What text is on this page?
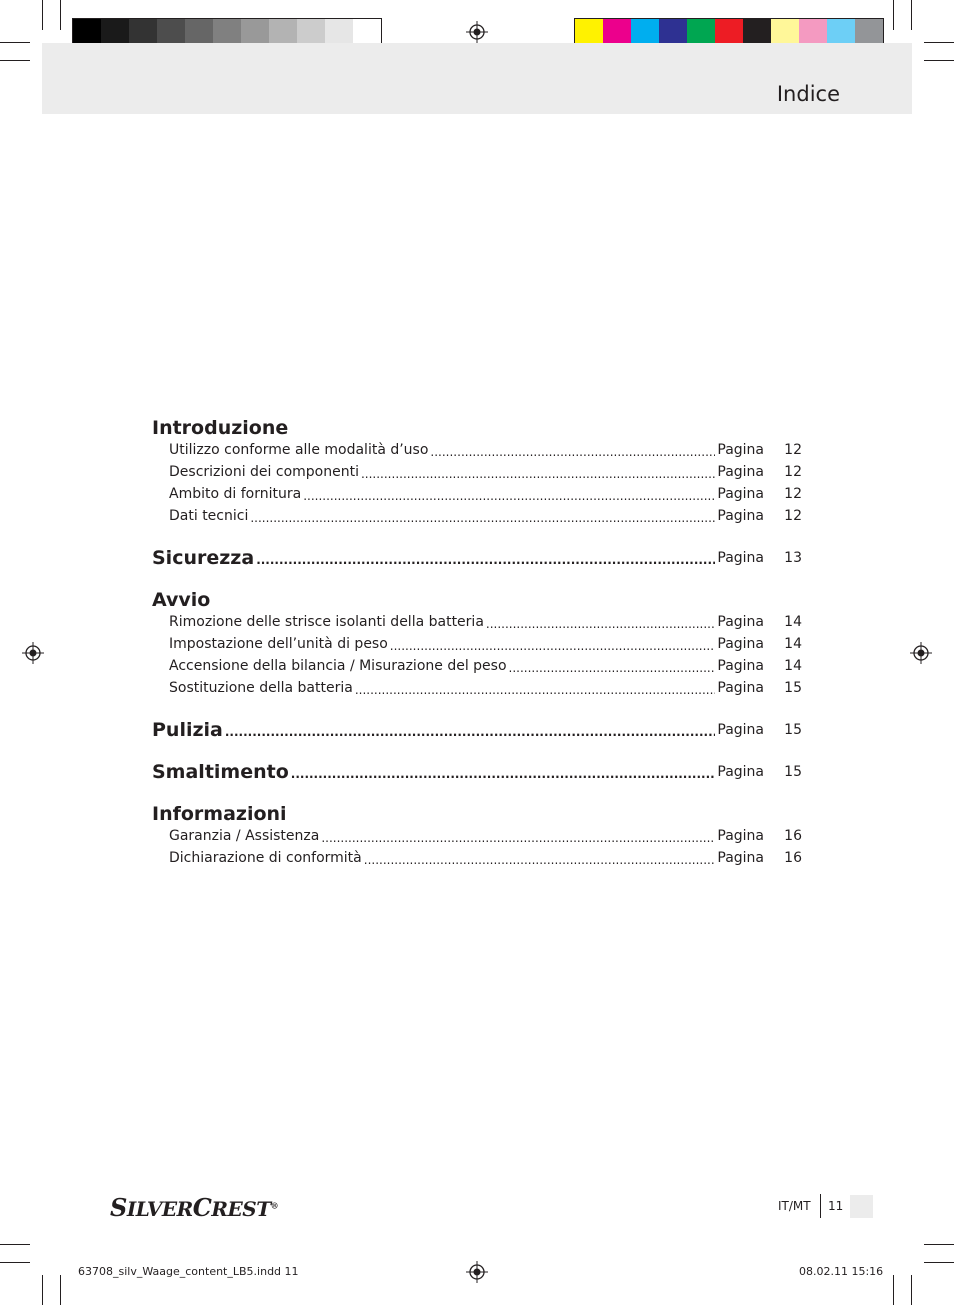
Indice
Introduzione
Utilizzo conforme alle modalità d’uso .....	Pagina	12
Descrizioni dei componenti .....	Pagina	12
Ambito di fornitura .....	Pagina	12
Dati tecnici .....	Pagina	12
Sicurezza .....	Pagina	13
Avvio
Rimozione delle strisce isolanti della batteria .....	Pagina	14
Impostazione dell’unità di peso .....	Pagina	14
Accensione della bilancia / Misurazione del peso .....	Pagina	14
Sostituzione della batteria .....	Pagina	15
Pulizia .....	Pagina	15
Smaltimento .....	Pagina	15
Informazioni
Garanzia / Assistenza .....	Pagina	16
Dichiarazione di conformità .....	Pagina	16
SILVERCREST®	IT/MT 11
63708_silv_Waage_content_LB5.indd 11	08.02.11 15:16
